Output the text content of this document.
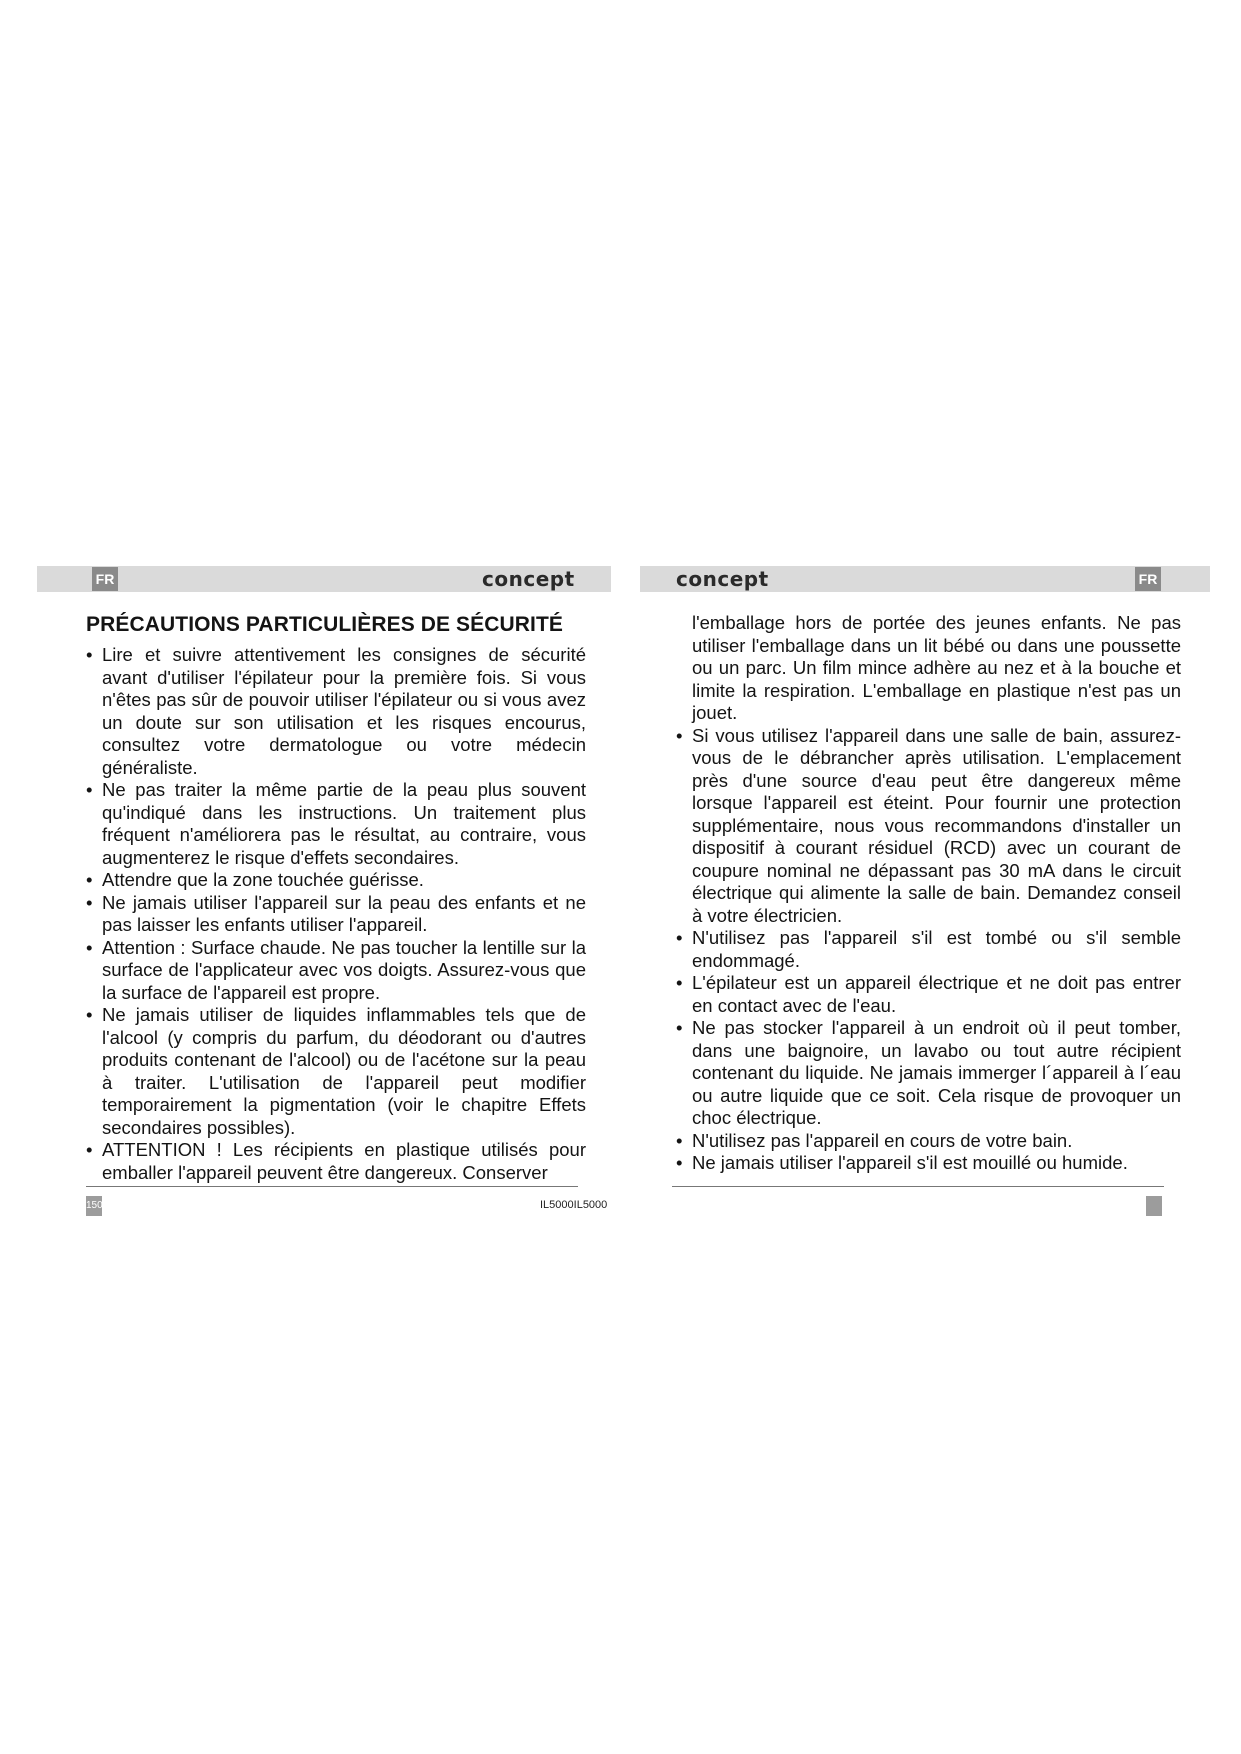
FR	FR
concept	concept
PRÉCAUTIONS PARTICULIÈRES DE SÉCURITÉ
• Lire et suivre attentivement les consignes de sécurité avant d'utiliser l'épilateur pour la première fois. Si vous n'êtes pas sûr de pouvoir utiliser l'épilateur ou si vous avez un doute sur son utilisation et les risques encourus, consultez votre dermatologue ou votre médecin généraliste.
• Ne pas traiter la même partie de la peau plus souvent qu'indiqué dans les instructions. Un traitement plus fréquent n'améliorera pas le résultat, au contraire, vous augmenterez le risque d'effets secondaires.
• Attendre que la zone touchée guérisse.
• Ne jamais utiliser l'appareil sur la peau des enfants et ne pas laisser les enfants utiliser l'appareil.
• Attention : Surface chaude. Ne pas toucher la lentille sur la surface de l'applicateur avec vos doigts. Assurez-vous que la surface de l'appareil est propre.
• Ne jamais utiliser de liquides inflammables tels que de l'alcool (y compris du parfum, du déodorant ou d'autres produits contenant de l'alcool) ou de l'acétone sur la peau à traiter. L'utilisation de l'appareil peut modifier temporairement la pigmentation (voir le chapitre Effets secondaires possibles).
• ATTENTION ! Les récipients en plastique utilisés pour emballer l'appareil peuvent être dangereux. Conserver

l'emballage hors de portée des jeunes enfants. Ne pas utiliser l'emballage dans un lit bébé ou dans une poussette ou un parc. Un film mince adhère au nez et à la bouche et limite la respiration. L'emballage en plastique n'est pas un jouet.

• Si vous utilisez l'appareil dans une salle de bain, assurez-vous de le débrancher après utilisation. L'emplacement près d'une source d'eau peut être dangereux même lorsque l'appareil est éteint. Pour fournir une protection supplémentaire, nous vous recommandons d'installer un dispositif à courant résiduel (RCD) avec un courant de coupure nominal ne dépassant pas 30 mA dans le circuit électrique qui alimente la salle de bain. Demandez conseil à votre électricien.
• N'utilisez pas l'appareil s'il est tombé ou s'il semble endommagé.
• L'épilateur est un appareil électrique et ne doit pas entrer en contact avec de l'eau.
• Ne pas stocker l'appareil à un endroit où il peut tomber, dans une baignoire, un lavabo ou tout autre récipient contenant du liquide. Ne jamais immerger l´appareil à l´eau ou autre liquide que ce soit. Cela risque de provoquer un choc électrique.
• N'utilisez pas l'appareil en cours de votre bain.
• Ne jamais utiliser l'appareil s'il est mouillé ou humide.
150	IL5000IL5000
